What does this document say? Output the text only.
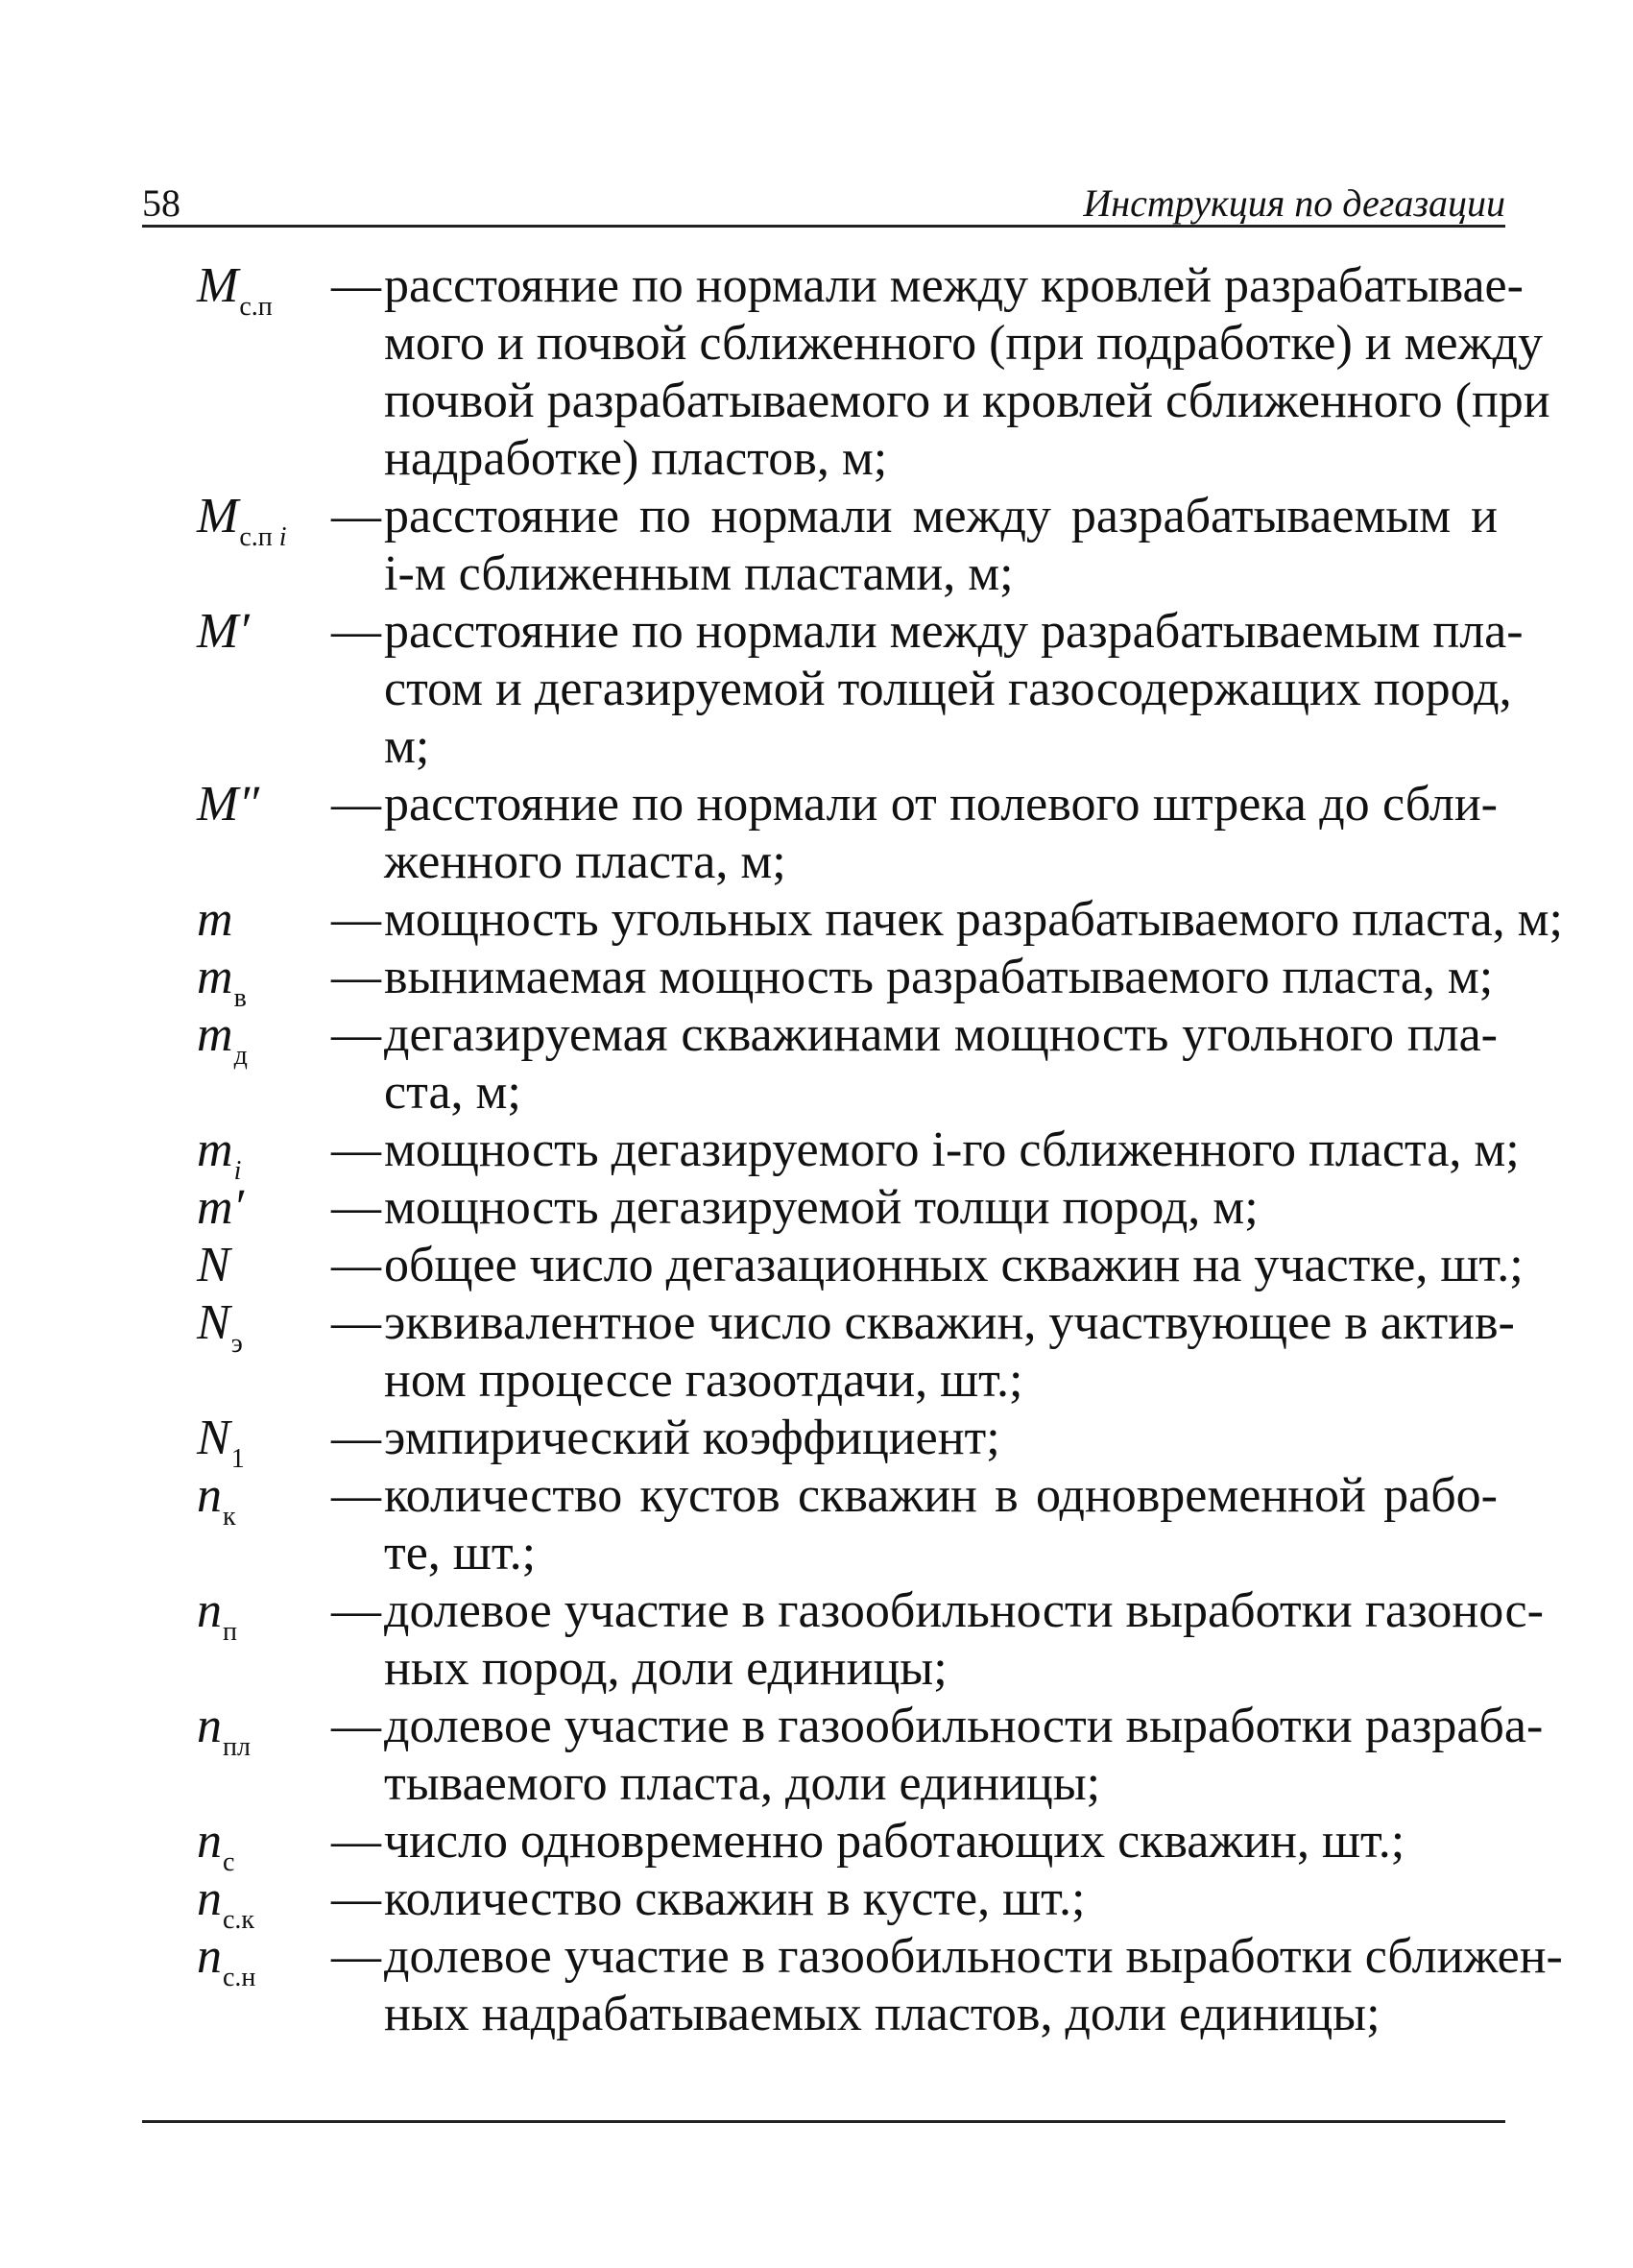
58	Инструкция по дегазации
$M_{с.п}$	— расстояние по нормали между кровлей разрабатывае-
мого и почвой сближенного (при подработке) и между
почвой разрабатываемого и кровлей сближенного (при
надработке) пластов, м;
$M_{с.п i}$ — расстояние по нормали между разрабатываемым и
i-м сближенным пластами, м;
M′	— расстояние по нормали между разрабатываемым пла-
стом и дегазируемой толщей газосодержащих пород,
м;
M″	— расстояние по нормали от полевого штрека до сбли-
женного пласта, м;
m	— мощность угольных пачек разрабатываемого пласта, м;
$m_в$	— вынимаемая мощность разрабатываемого пласта, м;
$m_д$	— дегазируемая скважинами мощность угольного пла-
ста, м;
$m_i$	— мощность дегазируемого i-го сближенного пласта, м;
m′	— мощность дегазируемой толщи пород, м;
N	— общее число дегазационных скважин на участке, шт.;
$N_э$	— эквивалентное число скважин, участвующее в актив-
ном процессе газоотдачи, шт.;
$N_1$	— эмпирический коэффициент;
$n_к$	— количество кустов скважин в одновременной рабо-
те, шт.;
$n_п$	— долевое участие в газообильности выработки газонос-
ных пород, доли единицы;
$n_{пл}$	— долевое участие в газообильности выработки разраба-
тываемого пласта, доли единицы;
$n_с$	— число одновременно работающих скважин, шт.;
$n_{с.к}$	— количество скважин в кусте, шт.;
$n_{с.н}$	— долевое участие в газообильности выработки сближен-
ных надрабатываемых пластов, доли единицы;
